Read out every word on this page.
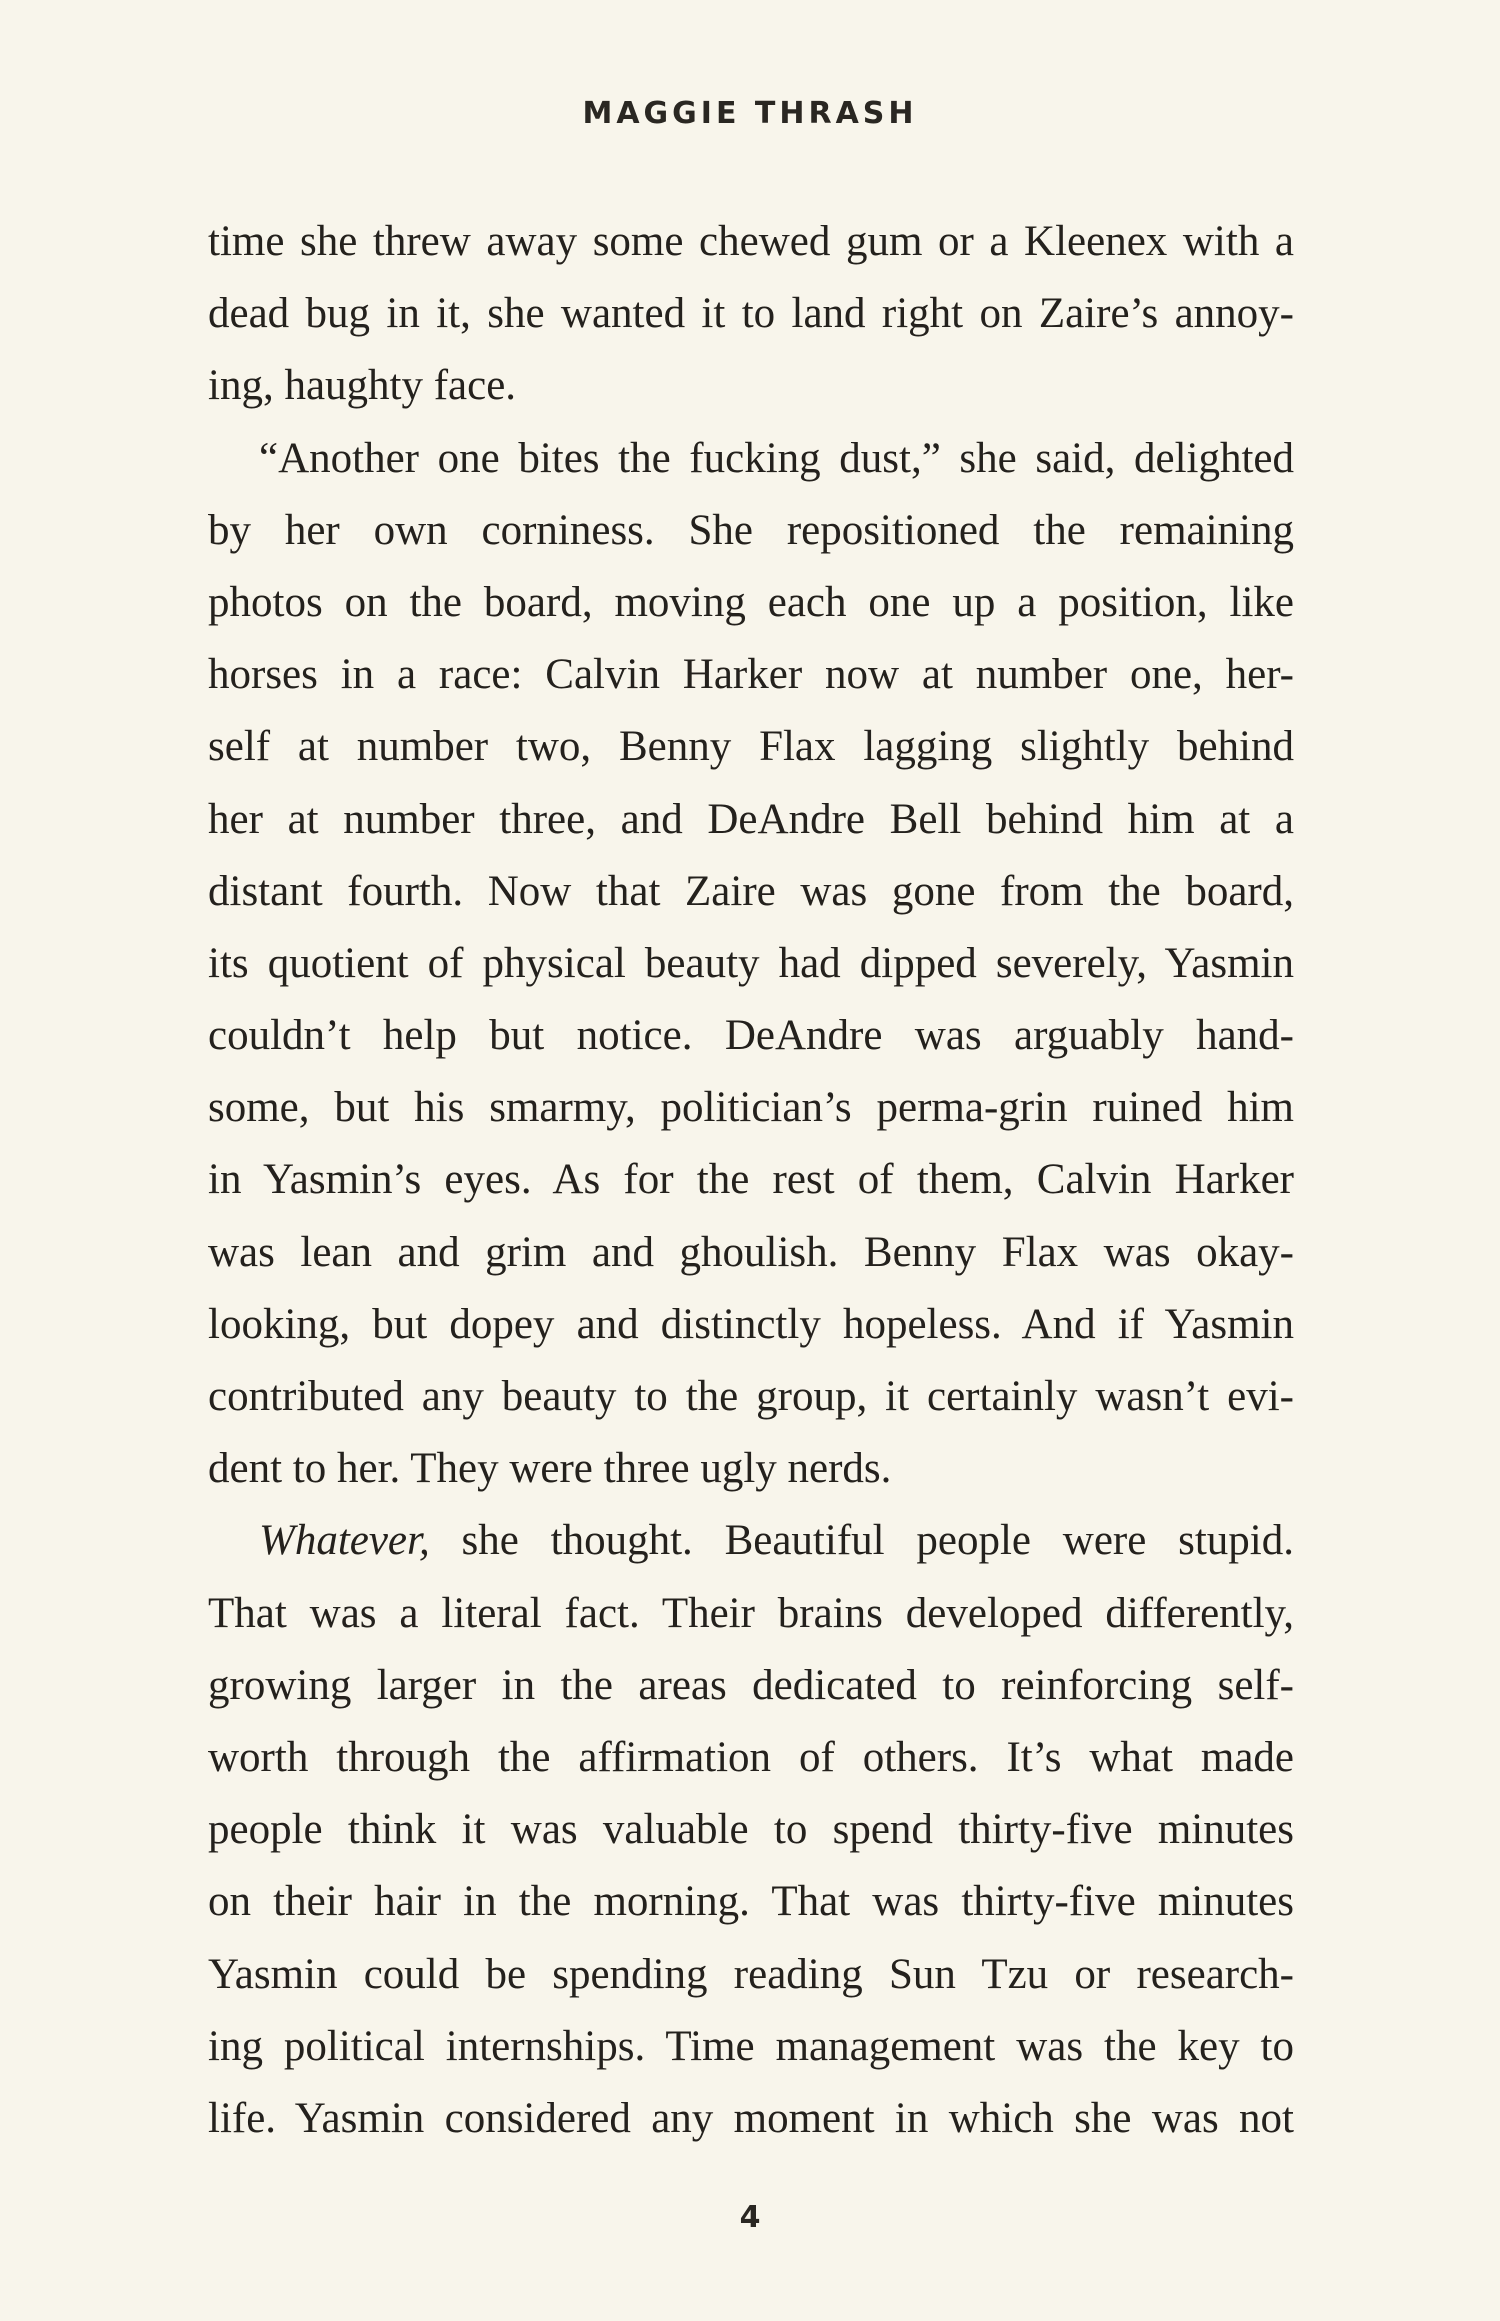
MAGGIE THRASH
time she threw away some chewed gum or a Kleenex with a
dead bug in it, she wanted it to land right on Zaire’s annoy-
ing, haughty face.
“Another one bites the fucking dust,” she said, delighted
by her own corniness. She repositioned the remaining
photos on the board, moving each one up a position, like
horses in a race: Calvin Harker now at number one, her-
self at number two, Benny Flax lagging slightly behind
her at number three, and DeAndre Bell behind him at a
distant fourth. Now that Zaire was gone from the board,
its quotient of physical beauty had dipped severely, Yasmin
couldn’t help but notice. DeAndre was arguably hand-
some, but his smarmy, politician’s perma-grin ruined him
in Yasmin’s eyes. As for the rest of them, Calvin Harker
was lean and grim and ghoulish. Benny Flax was okay-
looking, but dopey and distinctly hopeless. And if Yasmin
contributed any beauty to the group, it certainly wasn’t evi-
dent to her. They were three ugly nerds.
Whatever, she thought. Beautiful people were stupid.
That was a literal fact. Their brains developed differently,
growing larger in the areas dedicated to reinforcing self-
worth through the affirmation of others. It’s what made
people think it was valuable to spend thirty-five minutes
on their hair in the morning. That was thirty-five minutes
Yasmin could be spending reading Sun Tzu or research-
ing political internships. Time management was the key to
life. Yasmin considered any moment in which she was not
4
